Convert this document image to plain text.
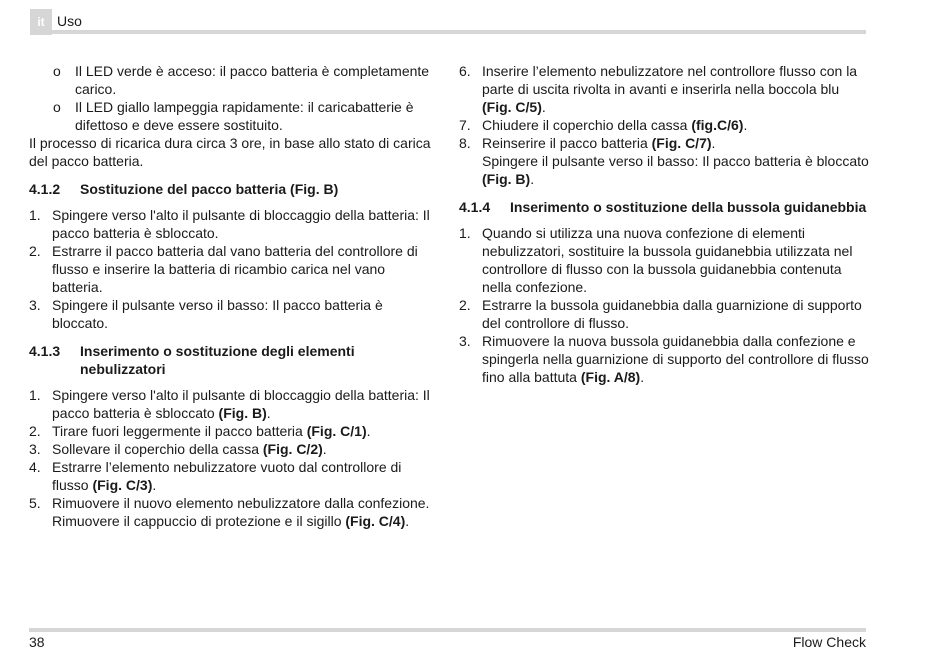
it Uso
o Il LED verde è acceso: il pacco batteria è completamente carico.
o Il LED giallo lampeggia rapidamente: il caricabatterie è difettoso e deve essere sostituito.

Il processo di ricarica dura circa 3 ore, in base allo stato di carica del pacco batteria.

4.1.2 Sostituzione del pacco batteria (Fig. B)
1. Spingere verso l'alto il pulsante di bloccaggio della batteria: Il pacco batteria è sbloccato.
2. Estrarre il pacco batteria dal vano batteria del controllore di flusso e inserire la batteria di ricambio carica nel vano batteria.
3. Spingere il pulsante verso il basso: Il pacco batteria è bloccato.
4.1.3 Inserimento o sostituzione degli elementi nebulizzatori
1. Spingere verso l'alto il pulsante di bloccaggio della batteria: Il pacco batteria è sbloccato (Fig. B).
2. Tirare fuori leggermente il pacco batteria (Fig. C/1).
3. Sollevare il coperchio della cassa (Fig. C/2).
4. Estrarre l’elemento nebulizzatore vuoto dal controllore di flusso (Fig. C/3).
5. Rimuovere il nuovo elemento nebulizzatore dalla confezione. Rimuovere il cappuccio di protezione e il sigillo (Fig. C/4).
6. Inserire l’elemento nebulizzatore nel controllore flusso con la parte di uscita rivolta in avanti e inserirla nella boccola blu (Fig. C/5).
7. Chiudere il coperchio della cassa (fig.C/6).
8. Reinserire il pacco batteria (Fig. C/7).
Spingere il pulsante verso il basso: Il pacco batteria è bloccato (Fig. B).
4.1.4 Inserimento o sostituzione della bussola guidanebbia
1. Quando si utilizza una nuova confezione di elementi nebulizzatori, sostituire la bussola guidanebbia utilizzata nel controllore di flusso con la bussola guidanebbia contenuta nella confezione.
2. Estrarre la bussola guidanebbia dalla guarnizione di supporto del controllore di flusso.
3. Rimuovere la nuova bussola guidanebbia dalla confezione e spingerla nella guarnizione di supporto del controllore di flusso fino alla battuta (Fig. A/8).
38	Flow Check
